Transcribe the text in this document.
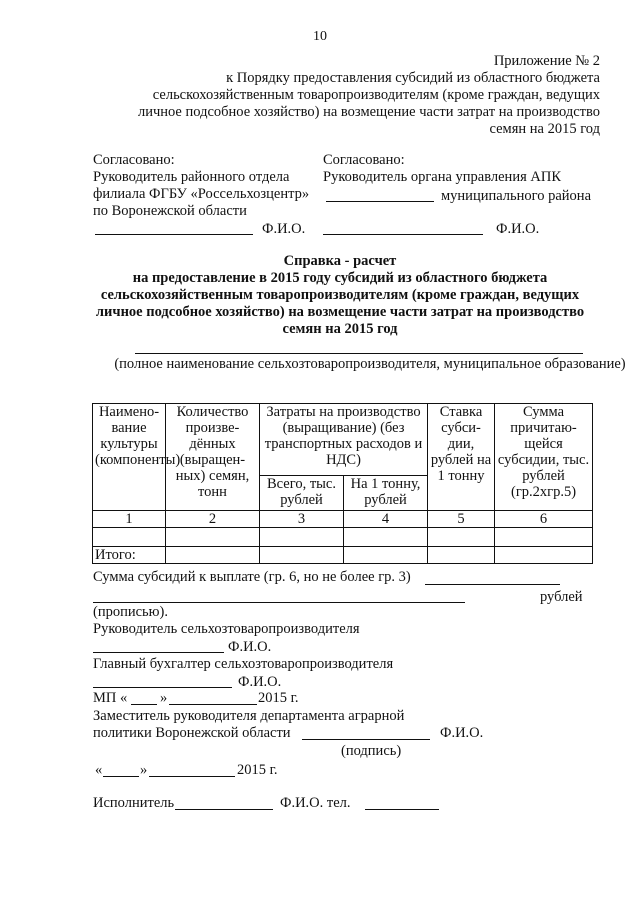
10
Приложение № 2
к Порядку предоставления субсидий из областного бюджета
сельскохозяйственным товаропроизводителям (кроме граждан, ведущих
личное подсобное хозяйство) на возмещение части затрат на производство
семян на 2015 год
Согласовано:
Руководитель районного отдела
филиала ФГБУ «Россельхозцентр»
по Воронежской области
Ф.И.О.
Согласовано:
Руководитель органа управления АПК
муниципального района
Ф.И.О.
Справка - расчет
на предоставление в 2015 году субсидий из областного бюджета
сельскохозяйственным товаропроизводителям (кроме граждан, ведущих
личное подсобное хозяйство) на возмещение части затрат на производство
семян на 2015 год
(полное наименование сельхозтоваропроизводителя, муниципальное образование)
Наимено-вание культуры (компоненты)	Количество произве-дённых (выращен-ных) семян, тонн	Затраты на производство (выращивание) (без транспортных расходов и НДС)		Ставка субси-дии, рублей на 1 тонну	Сумма причитаю-щейся субсидии, тыс. рублей (гр.2хгр.5)
		Всего, тыс. рублей	На 1 тонну, рублей		
1	2	3	4	5	6

Итого:					
Сумма субсидий к выплате (гр. 6, но не более гр. 3)
рублей
(прописью).
Руководитель сельхозтоваропроизводителя
Ф.И.О.
Главный бухгалтер сельхозтоваропроизводителя
Ф.И.О.
МП « »	2015 г.
Заместитель руководителя департамента аграрной
политики Воронежской области	Ф.И.О.
(подпись)
«	»	2015 г.
Исполнитель	Ф.И.О. тел.
